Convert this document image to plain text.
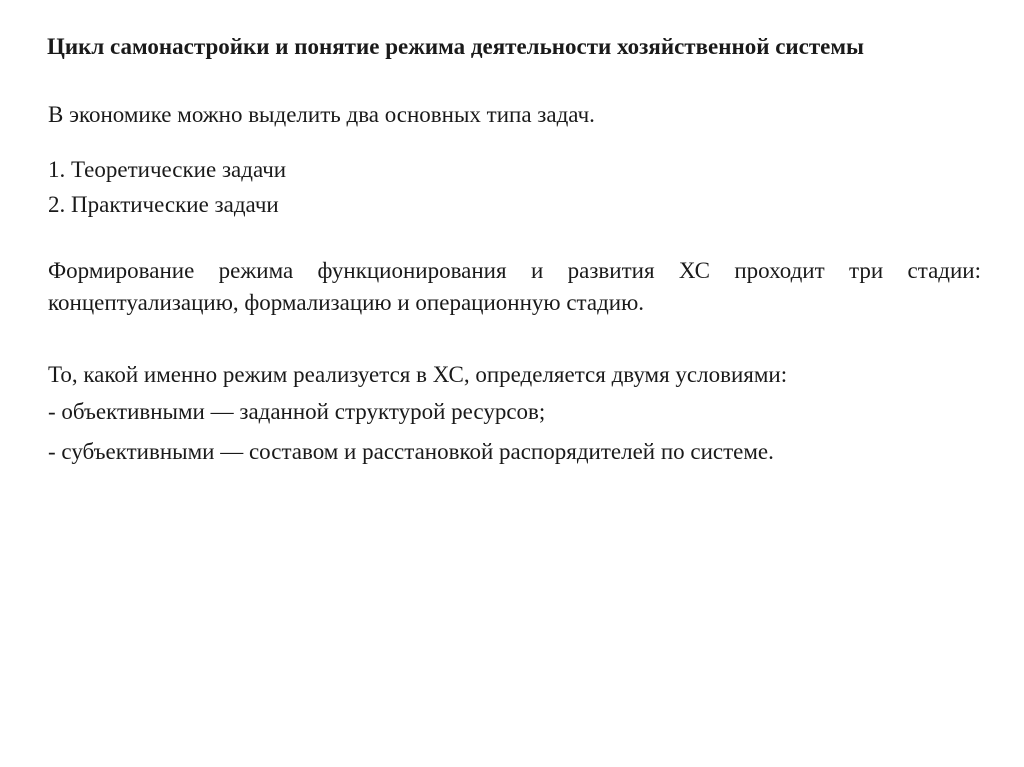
Цикл самонастройки и понятие режима деятельности хозяйственной системы
В экономике можно выделить два основных типа задач.
1. Теоретические задачи
2. Практические задачи
Формирование режима функционирования и развития ХС проходит три стадии: концептуализацию, формализацию и операционную стадию.
То, какой именно режим реализуется в ХС, определяется двумя условиями:
- объективными — заданной структурой ресурсов;
- субъективными — составом и расстановкой распорядителей по системе.
